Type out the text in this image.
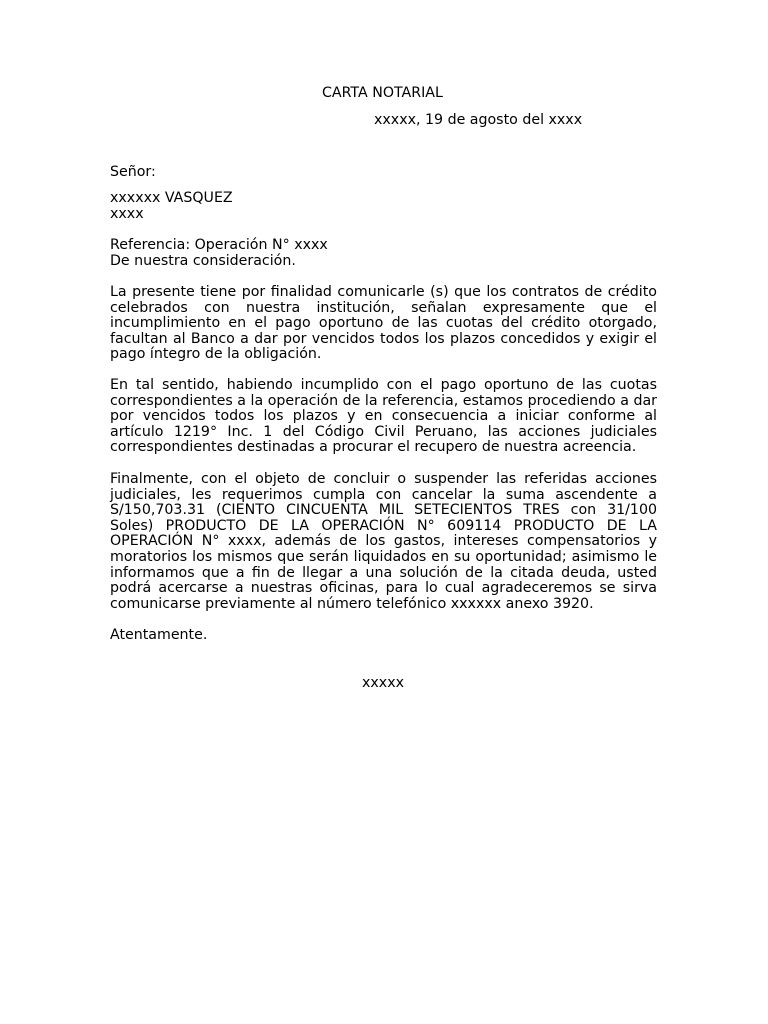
CARTA NOTARIAL
xxxxx, 19 de agosto del xxxx
Señor:
xxxxxx VASQUEZ
xxxx
Referencia: Operación N° xxxx
De nuestra consideración.

La presente tiene por finalidad comunicarle (s) que los contratos de crédito celebrados con nuestra institución, señalan expresamente que el incumplimiento en el pago oportuno de las cuotas del crédito otorgado, facultan al Banco a dar por vencidos todos los plazos concedidos y exigir el pago íntegro de la obligación.

En tal sentido, habiendo incumplido con el pago oportuno de las cuotas correspondientes a la operación de la referencia, estamos procediendo a dar por vencidos todos los plazos y en consecuencia a iniciar conforme al artículo 1219° Inc. 1 del Código Civil Peruano, las acciones judiciales correspondientes destinadas a procurar el recupero de nuestra acreencia.

Finalmente, con el objeto de concluir o suspender las referidas acciones judiciales, les requerimos cumpla con cancelar la suma ascendente a S/150,703.31 (CIENTO CINCUENTA MIL SETECIENTOS TRES con 31/100 Soles) PRODUCTO DE LA OPERACIÓN N° 609114 PRODUCTO DE LA OPERACIÓN N° xxxx, además de los gastos, intereses compensatorios y moratorios los mismos que serán liquidados en su oportunidad; asimismo le informamos que a fin de llegar a una solución de la citada deuda, usted podrá acercarse a nuestras oficinas, para lo cual agradeceremos se sirva comunicarse previamente al número telefónico xxxxxx anexo 3920.

Atentamente.
xxxxx
